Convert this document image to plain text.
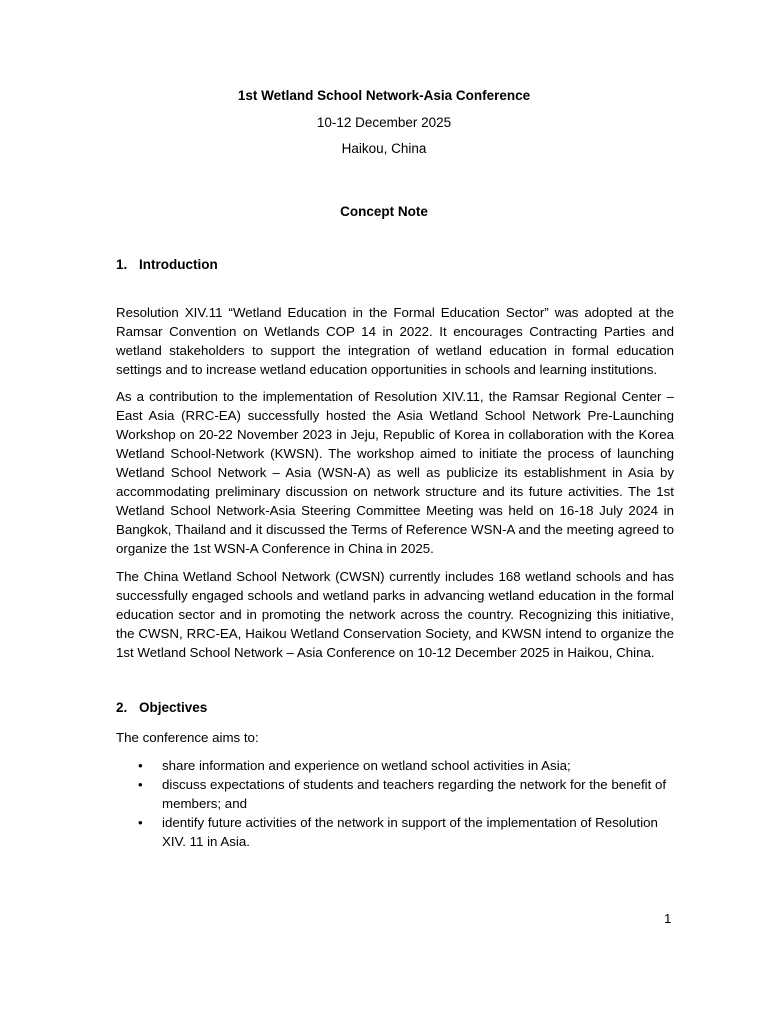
1st Wetland School Network-Asia Conference

10-12 December 2025

Haikou, China

Concept Note

1. Introduction

Resolution XIV.11 “Wetland Education in the Formal Education Sector” was adopted at the Ramsar Convention on Wetlands COP 14 in 2022. It encourages Contracting Parties and wetland stakeholders to support the integration of wetland education in formal education settings and to increase wetland education opportunities in schools and learning institutions.

As a contribution to the implementation of Resolution XIV.11, the Ramsar Regional Center – East Asia (RRC-EA) successfully hosted the Asia Wetland School Network Pre-Launching Workshop on 20-22 November 2023 in Jeju, Republic of Korea in collaboration with the Korea Wetland School-Network (KWSN). The workshop aimed to initiate the process of launching Wetland School Network – Asia (WSN-A) as well as publicize its establishment in Asia by accommodating preliminary discussion on network structure and its future activities. The 1st Wetland School Network-Asia Steering Committee Meeting was held on 16-18 July 2024 in Bangkok, Thailand and it discussed the Terms of Reference WSN-A and the meeting agreed to organize the 1st WSN-A Conference in China in 2025.

The China Wetland School Network (CWSN) currently includes 168 wetland schools and has successfully engaged schools and wetland parks in advancing wetland education in the formal education sector and in promoting the network across the country. Recognizing this initiative, the CWSN, RRC-EA, Haikou Wetland Conservation Society, and KWSN intend to organize the 1st Wetland School Network – Asia Conference on 10-12 December 2025 in Haikou, China.

2. Objectives

The conference aims to:

• share information and experience on wetland school activities in Asia;
• discuss expectations of students and teachers regarding the network for the benefit of members; and
• identify future activities of the network in support of the implementation of Resolution XIV. 11 in Asia.

1
